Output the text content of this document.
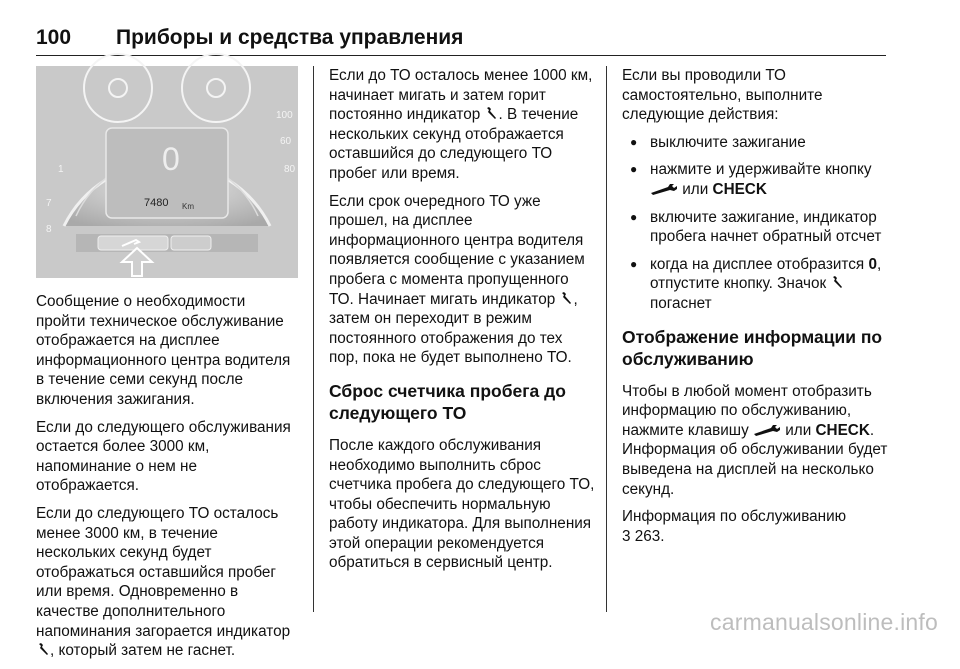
100 Приборы и средства управления
0
7480 Km
60
80
100
1
7
8

Сообщение о необходимости пройти техническое обслуживание отображается на дисплее информационного центра водителя в течение семи секунд после включения зажигания.

Если до следующего обслуживания остается более 3000 км, напоминание о нем не отображается.

Если до следующего ТО осталось менее 3000 км, в течение нескольких секунд будет отображаться оставшийся пробег или время. Одновременно в качестве дополнительного напоминания загорается индикатор , который затем не гаснет.

Если до ТО осталось менее 1000 км, начинает мигать и затем горит постоянно индикатор . В течение нескольких секунд отображается оставшийся до следующего ТО пробег или время.

Если срок очередного ТО уже прошел, на дисплее информационного центра водителя появляется сообщение с указанием пробега с момента пропущенного ТО. Начинает мигать индикатор , затем он переходит в режим постоянного отображения до тех пор, пока не будет выполнено ТО.

Сброс счетчика пробега до следующего ТО

После каждого обслуживания необходимо выполнить сброс счетчика пробега до следующего ТО, чтобы обеспечить нормальную работу индикатора. Для выполнения этой операции рекомендуется обратиться в сервисный центр.

Если вы проводили ТО самостоятельно, выполните следующие действия:

● выключите зажигание
● нажмите и удерживайте кнопку  или CHECK
● включите зажигание, индикатор пробега начнет обратный отсчет
● когда на дисплее отобразится 0, отпустите кнопку. Значок  погаснет
Отображение информации по обслуживанию

Чтобы в любой момент отобразить информацию по обслуживанию, нажмите клавишу  или CHECK. Информация об обслуживании будет выведена на дисплей на несколько секунд.

Информация по обслуживанию
3 263.

carmanualsonline.info
